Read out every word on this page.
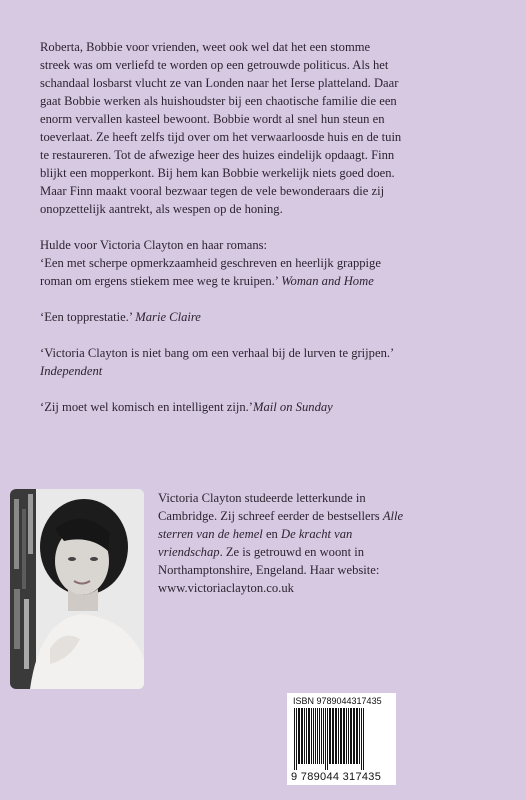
Roberta, Bobbie voor vrienden, weet ook wel dat het een stomme streek was om verliefd te worden op een getrouwde politicus. Als het schandaal losbarst vlucht ze van Londen naar het Ierse platteland. Daar gaat Bobbie werken als huishoudster bij een chaotische familie die een enorm vervallen kasteel bewoont. Bobbie wordt al snel hun steun en toeverlaat. Ze heeft zelfs tijd over om het verwaarloosde huis en de tuin te restaureren. Tot de afwezige heer des huizes eindelijk opdaagt. Finn blijkt een mopperkont. Bij hem kan Bobbie werkelijk niets goed doen. Maar Finn maakt vooral bezwaar tegen de vele bewonderaars die zij onopzettelijk aantrekt, als wespen op de honing.

Hulde voor Victoria Clayton en haar romans:

‘Een met scherpe opmerkzaamheid geschreven en heerlijk grappige roman om ergens stiekem mee weg te kruipen.’ Woman and Home

‘Een topprestatie.’ Marie Claire

‘Victoria Clayton is niet bang om een verhaal bij de lurven te grijpen.’ Independent

‘Zij moet wel komisch en intelligent zijn.’Mail on Sunday

Victoria Clayton studeerde letterkunde in Cambridge. Zij schreef eerder de bestsellers Alle sterren van de hemel en De kracht van vriendschap. Ze is getrouwd en woont in Northamptonshire, Engeland. Haar website: www.victoriaclayton.co.uk

ISBN 9789044317435
9 789044 317435
